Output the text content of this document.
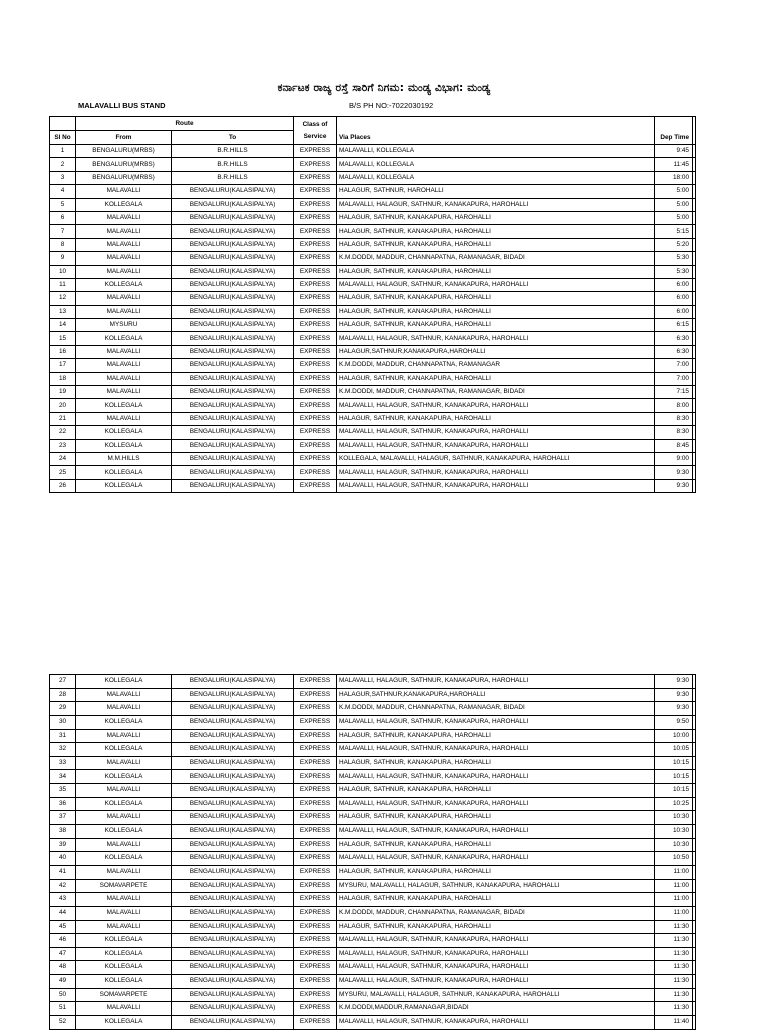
ಕರ್ನಾಟಕ ರಾಜ್ಯ ರಸ್ತೆ ಸಾರಿಗೆ ನಿಗಮ: ಮಂಡ್ಯ ವಿಭಾಗ: ಮಂಡ್ಯ
MALAVALLI BUS STAND	B/S PH NO:-7022030192
	Route		Class of
Service			

Sl No	From	To		Via Places	Dep Time	
1	BENGALURU(MRBS)	B.R.HILLS	EXPRESS	MALAVALLI, KOLLEGALA	9:45	
2	BENGALURU(MRBS)	B.R.HILLS	EXPRESS	MALAVALLI, KOLLEGALA	11:45	
3	BENGALURU(MRBS)	B.R.HILLS	EXPRESS	MALAVALLI, KOLLEGALA	18:00	
4	MALAVALLI	BENGALURU(KALASIPALYA)	EXPRESS	HALAGUR, SATHNUR, HAROHALLI	5:00	
5	KOLLEGALA	BENGALURU(KALASIPALYA)	EXPRESS	MALAVALLI, HALAGUR, SATHNUR, KANAKAPURA, HAROHALLI	5:00	
6	MALAVALLI	BENGALURU(KALASIPALYA)	EXPRESS	HALAGUR, SATHNUR, KANAKAPURA, HAROHALLI	5:00	
7	MALAVALLI	BENGALURU(KALASIPALYA)	EXPRESS	HALAGUR, SATHNUR, KANAKAPURA, HAROHALLI	5:15	
8	MALAVALLI	BENGALURU(KALASIPALYA)	EXPRESS	HALAGUR, SATHNUR, KANAKAPURA, HAROHALLI	5:20	
9	MALAVALLI	BENGALURU(KALASIPALYA)	EXPRESS	K.M.DODDI, MADDUR, CHANNAPATNA, RAMANAGAR, BIDADI	5:30	
10	MALAVALLI	BENGALURU(KALASIPALYA)	EXPRESS	HALAGUR, SATHNUR, KANAKAPURA, HAROHALLI	5:30	
11	KOLLEGALA	BENGALURU(KALASIPALYA)	EXPRESS	MALAVALLI, HALAGUR, SATHNUR, KANAKAPURA, HAROHALLI	6:00	
12	MALAVALLI	BENGALURU(KALASIPALYA)	EXPRESS	HALAGUR, SATHNUR, KANAKAPURA, HAROHALLI	6:00	
13	MALAVALLI	BENGALURU(KALASIPALYA)	EXPRESS	HALAGUR, SATHNUR, KANAKAPURA, HAROHALLI	6:00	
14	MYSURU	BENGALURU(KALASIPALYA)	EXPRESS	HALAGUR, SATHNUR, KANAKAPURA, HAROHALLI	6:15	
15	KOLLEGALA	BENGALURU(KALASIPALYA)	EXPRESS	MALAVALLI, HALAGUR, SATHNUR, KANAKAPURA, HAROHALLI	6:30	
16	MALAVALLI	BENGALURU(KALASIPALYA)	EXPRESS	HALAGUR,SATHNUR,KANAKAPURA,HAROHALLI	6:30	
17	MALAVALLI	BENGALURU(KALASIPALYA)	EXPRESS	K.M.DODDI, MADDUR, CHANNAPATNA, RAMANAGAR	7:00	
18	MALAVALLI	BENGALURU(KALASIPALYA)	EXPRESS	HALAGUR, SATHNUR, KANAKAPURA, HAROHALLI	7:00	
19	MALAVALLI	BENGALURU(KALASIPALYA)	EXPRESS	K.M.DODDI, MADDUR, CHANNAPATNA, RAMANAGAR, BIDADI	7:15	
20	KOLLEGALA	BENGALURU(KALASIPALYA)	EXPRESS	MALAVALLI, HALAGUR, SATHNUR, KANAKAPURA, HAROHALLI	8:00	
21	MALAVALLI	BENGALURU(KALASIPALYA)	EXPRESS	HALAGUR, SATHNUR, KANAKAPURA, HAROHALLI	8:30	
22	KOLLEGALA	BENGALURU(KALASIPALYA)	EXPRESS	MALAVALLI, HALAGUR, SATHNUR, KANAKAPURA, HAROHALLI	8:30	
23	KOLLEGALA	BENGALURU(KALASIPALYA)	EXPRESS	MALAVALLI, HALAGUR, SATHNUR, KANAKAPURA, HAROHALLI	8:45	
24	M.M.HILLS	BENGALURU(KALASIPALYA)	EXPRESS	KOLLEGALA, MALAVALLI, HALAGUR, SATHNUR, KANAKAPURA, HAROHALLI	9:00	
25	KOLLEGALA	BENGALURU(KALASIPALYA)	EXPRESS	MALAVALLI, HALAGUR, SATHNUR, KANAKAPURA, HAROHALLI	9:30	
26	KOLLEGALA	BENGALURU(KALASIPALYA)	EXPRESS	MALAVALLI, HALAGUR, SATHNUR, KANAKAPURA, HAROHALLI	9:30	
27	KOLLEGALA	BENGALURU(KALASIPALYA)	EXPRESS	MALAVALLI, HALAGUR, SATHNUR, KANAKAPURA, HAROHALLI	9:30	
28	MALAVALLI	BENGALURU(KALASIPALYA)	EXPRESS	HALAGUR,SATHNUR,KANAKAPURA,HAROHALLI	9:30	
29	MALAVALLI	BENGALURU(KALASIPALYA)	EXPRESS	K.M.DODDI, MADDUR, CHANNAPATNA, RAMANAGAR, BIDADI	9:30	
30	KOLLEGALA	BENGALURU(KALASIPALYA)	EXPRESS	MALAVALLI, HALAGUR, SATHNUR, KANAKAPURA, HAROHALLI	9:50	
31	MALAVALLI	BENGALURU(KALASIPALYA)	EXPRESS	HALAGUR, SATHNUR, KANAKAPURA, HAROHALLI	10:00	
32	KOLLEGALA	BENGALURU(KALASIPALYA)	EXPRESS	MALAVALLI, HALAGUR, SATHNUR, KANAKAPURA, HAROHALLI	10:05	
33	MALAVALLI	BENGALURU(KALASIPALYA)	EXPRESS	HALAGUR, SATHNUR, KANAKAPURA, HAROHALLI	10:15	
34	KOLLEGALA	BENGALURU(KALASIPALYA)	EXPRESS	MALAVALLI, HALAGUR, SATHNUR, KANAKAPURA, HAROHALLI	10:15	
35	MALAVALLI	BENGALURU(KALASIPALYA)	EXPRESS	HALAGUR, SATHNUR, KANAKAPURA, HAROHALLI	10:15	
36	KOLLEGALA	BENGALURU(KALASIPALYA)	EXPRESS	MALAVALLI, HALAGUR, SATHNUR, KANAKAPURA, HAROHALLI	10:25	
37	MALAVALLI	BENGALURU(KALASIPALYA)	EXPRESS	HALAGUR, SATHNUR, KANAKAPURA, HAROHALLI	10:30	
38	KOLLEGALA	BENGALURU(KALASIPALYA)	EXPRESS	MALAVALLI, HALAGUR, SATHNUR, KANAKAPURA, HAROHALLI	10:30	
39	MALAVALLI	BENGALURU(KALASIPALYA)	EXPRESS	HALAGUR, SATHNUR, KANAKAPURA, HAROHALLI	10:30	
40	KOLLEGALA	BENGALURU(KALASIPALYA)	EXPRESS	MALAVALLI, HALAGUR, SATHNUR, KANAKAPURA, HAROHALLI	10:50	
41	MALAVALLI	BENGALURU(KALASIPALYA)	EXPRESS	HALAGUR, SATHNUR, KANAKAPURA, HAROHALLI	11:00	
42	SOMAVARPETE	BENGALURU(KALASIPALYA)	EXPRESS	MYSURU, MALAVALLI, HALAGUR, SATHNUR, KANAKAPURA, HAROHALLI	11:00	
43	MALAVALLI	BENGALURU(KALASIPALYA)	EXPRESS	HALAGUR, SATHNUR, KANAKAPURA, HAROHALLI	11:00	
44	MALAVALLI	BENGALURU(KALASIPALYA)	EXPRESS	K.M.DODDI, MADDUR, CHANNAPATNA, RAMANAGAR, BIDADI	11:00	
45	MALAVALLI	BENGALURU(KALASIPALYA)	EXPRESS	HALAGUR, SATHNUR, KANAKAPURA, HAROHALLI	11:30	
46	KOLLEGALA	BENGALURU(KALASIPALYA)	EXPRESS	MALAVALLI, HALAGUR, SATHNUR, KANAKAPURA, HAROHALLI	11:30	
47	KOLLEGALA	BENGALURU(KALASIPALYA)	EXPRESS	MALAVALLI, HALAGUR, SATHNUR, KANAKAPURA, HAROHALLI	11:30	
48	KOLLEGALA	BENGALURU(KALASIPALYA)	EXPRESS	MALAVALLI, HALAGUR, SATHNUR, KANAKAPURA, HAROHALLI	11:30	
49	KOLLEGALA	BENGALURU(KALASIPALYA)	EXPRESS	MALAVALLI, HALAGUR, SATHNUR, KANAKAPURA, HAROHALLI	11:30	
50	SOMAVARPETE	BENGALURU(KALASIPALYA)	EXPRESS	MYSURU, MALAVALLI, HALAGUR, SATHNUR, KANAKAPURA, HAROHALLI	11:30	
51	MALAVALLI	BENGALURU(KALASIPALYA)	EXPRESS	K.M.DODDI,MADDUR,RAMANAGAR,BIDADI	11:30	
52	KOLLEGALA	BENGALURU(KALASIPALYA)	EXPRESS	MALAVALLI, HALAGUR, SATHNUR, KANAKAPURA, HAROHALLI	11:40	
